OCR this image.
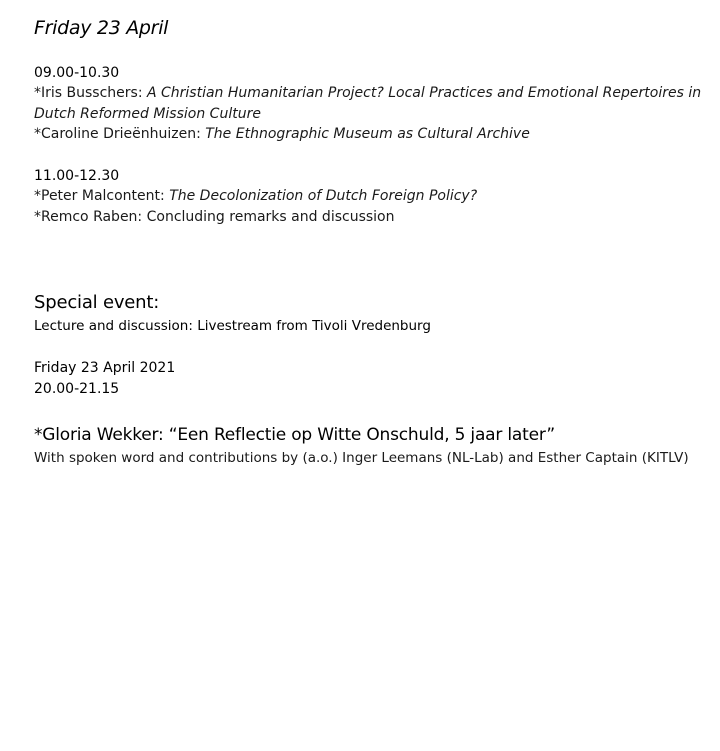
Friday 23 April
09.00-10.30
*Iris Busschers: A Christian Humanitarian Project? Local Practices and Emotional Repertoires in
Dutch Reformed Mission Culture
*Caroline Drieënhuizen: The Ethnographic Museum as Cultural Archive
11.00-12.30
*Peter Malcontent: The Decolonization of Dutch Foreign Policy?
*Remco Raben: Concluding remarks and discussion
Special event:
Lecture and discussion: Livestream from Tivoli Vredenburg
Friday 23 April 2021
20.00-21.15
*Gloria Wekker: “Een Reflectie op Witte Onschuld, 5 jaar later”
With spoken word and contributions by (a.o.) Inger Leemans (NL-Lab) and Esther Captain (KITLV)
